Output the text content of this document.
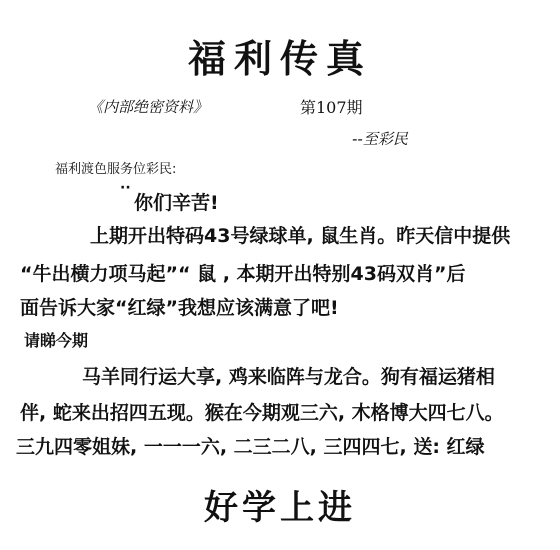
福利传真
《内部绝密资料》	第107期
--至彩民
福利渡色服务位彩民:
··
你们辛苦!
上期开出特码43号绿球单, 鼠生肖。昨天信中提供
“牛出横力项马起”“ 鼠 , 本期开出特别43码双肖”后
面告诉大家“红绿”我想应该满意了吧!
请睇今期
马羊同行运大享, 鸡来临阵与龙合。狗有福运猪相
伴, 蛇来出招四五现。猴在今期观三六, 木格博大四七八。
三九四零姐妹, 一一一六, 二三二八, 三四四七, 送: 红绿
好学上进
